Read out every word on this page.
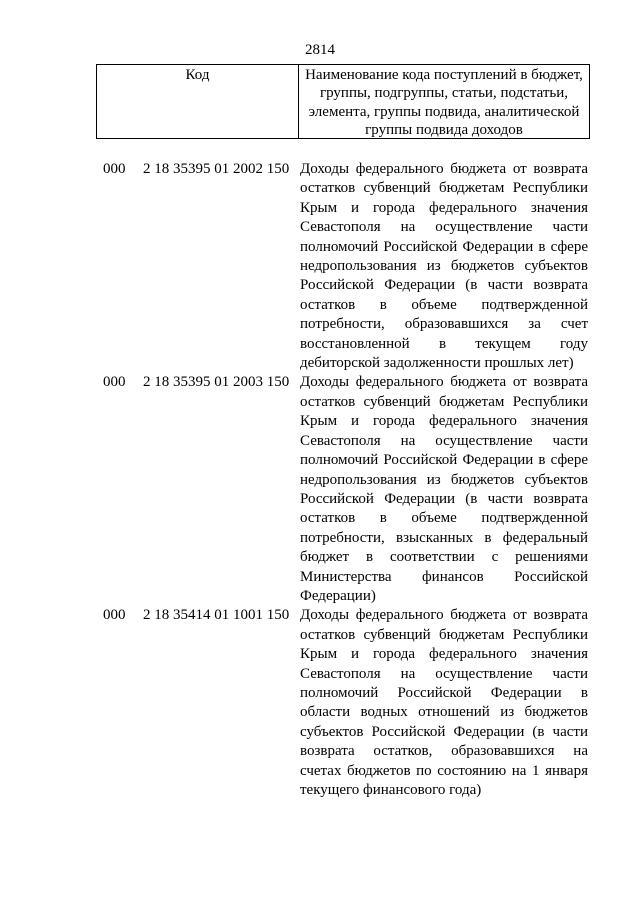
2814
Код	Наименование кода поступлений в бюджет, группы, подгруппы, статьи, подстатьи, элемента, группы подвида, аналитической группы подвида доходов
000 2 18 35395 01 2002 150 Доходы федерального бюджета от возврата остатков субвенций бюджетам Республики Крым и города федерального значения Севастополя на осуществление части полномочий Российской Федерации в сфере недропользования из бюджетов субъектов Российской Федерации (в части возврата остатков в объеме подтвержденной потребности, образовавшихся за счет восстановленной в текущем году дебиторской задолженности прошлых лет)
000 2 18 35395 01 2003 150 Доходы федерального бюджета от возврата остатков субвенций бюджетам Республики Крым и города федерального значения Севастополя на осуществление части полномочий Российской Федерации в сфере недропользования из бюджетов субъектов Российской Федерации (в части возврата остатков в объеме подтвержденной потребности, взысканных в федеральный бюджет в соответствии с решениями Министерства финансов Российской Федерации)
000 2 18 35414 01 1001 150 Доходы федерального бюджета от возврата остатков субвенций бюджетам Республики Крым и города федерального значения Севастополя на осуществление части полномочий Российской Федерации в области водных отношений из бюджетов субъектов Российской Федерации (в части возврата остатков, образовавшихся на счетах бюджетов по состоянию на 1 января текущего финансового года)
